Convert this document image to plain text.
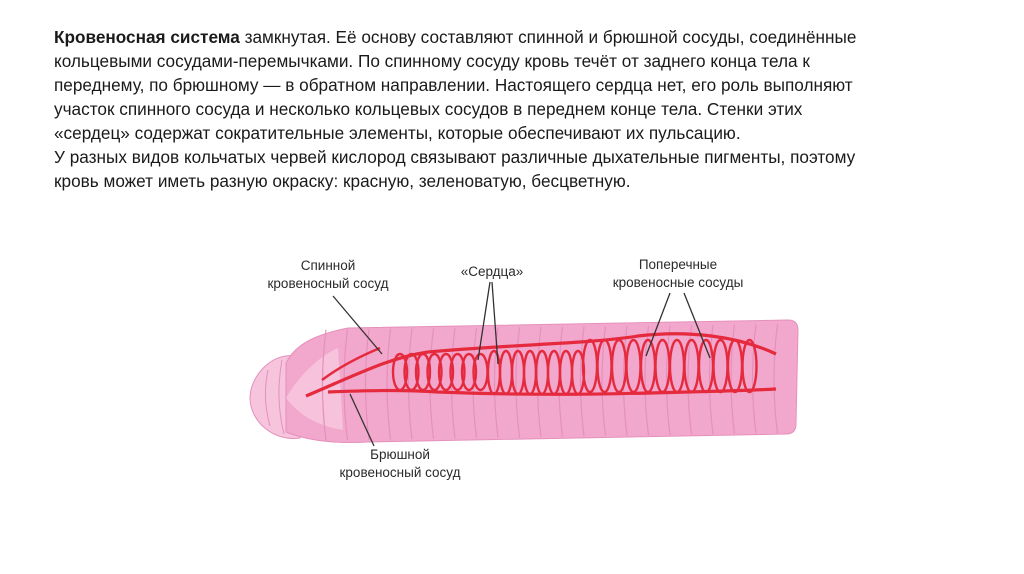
Кровеносная система замкнутая. Её основу составляют спинной и брюшной сосуды, соединённые
кольцевыми сосудами-перемычками. По спинному сосуду кровь течёт от заднего конца тела к
переднему, по брюшному — в обратном направлении. Настоящего сердца нет, его роль выполняют
участок спинного сосуда и несколько кольцевых сосудов в переднем конце тела. Стенки этих
«сердец» содержат сократительные элементы, которые обеспечивают их пульсацию.

У разных видов кольчатых червей кислород связывают различные дыхательные пигменты, поэтому
кровь может иметь разную окраску: красную, зеленоватую, бесцветную.

Спинной
кровеносный сосуд
«Сердца»	Поперечные
кровеносные сосуды
Брюшной
кровеносный сосуд
